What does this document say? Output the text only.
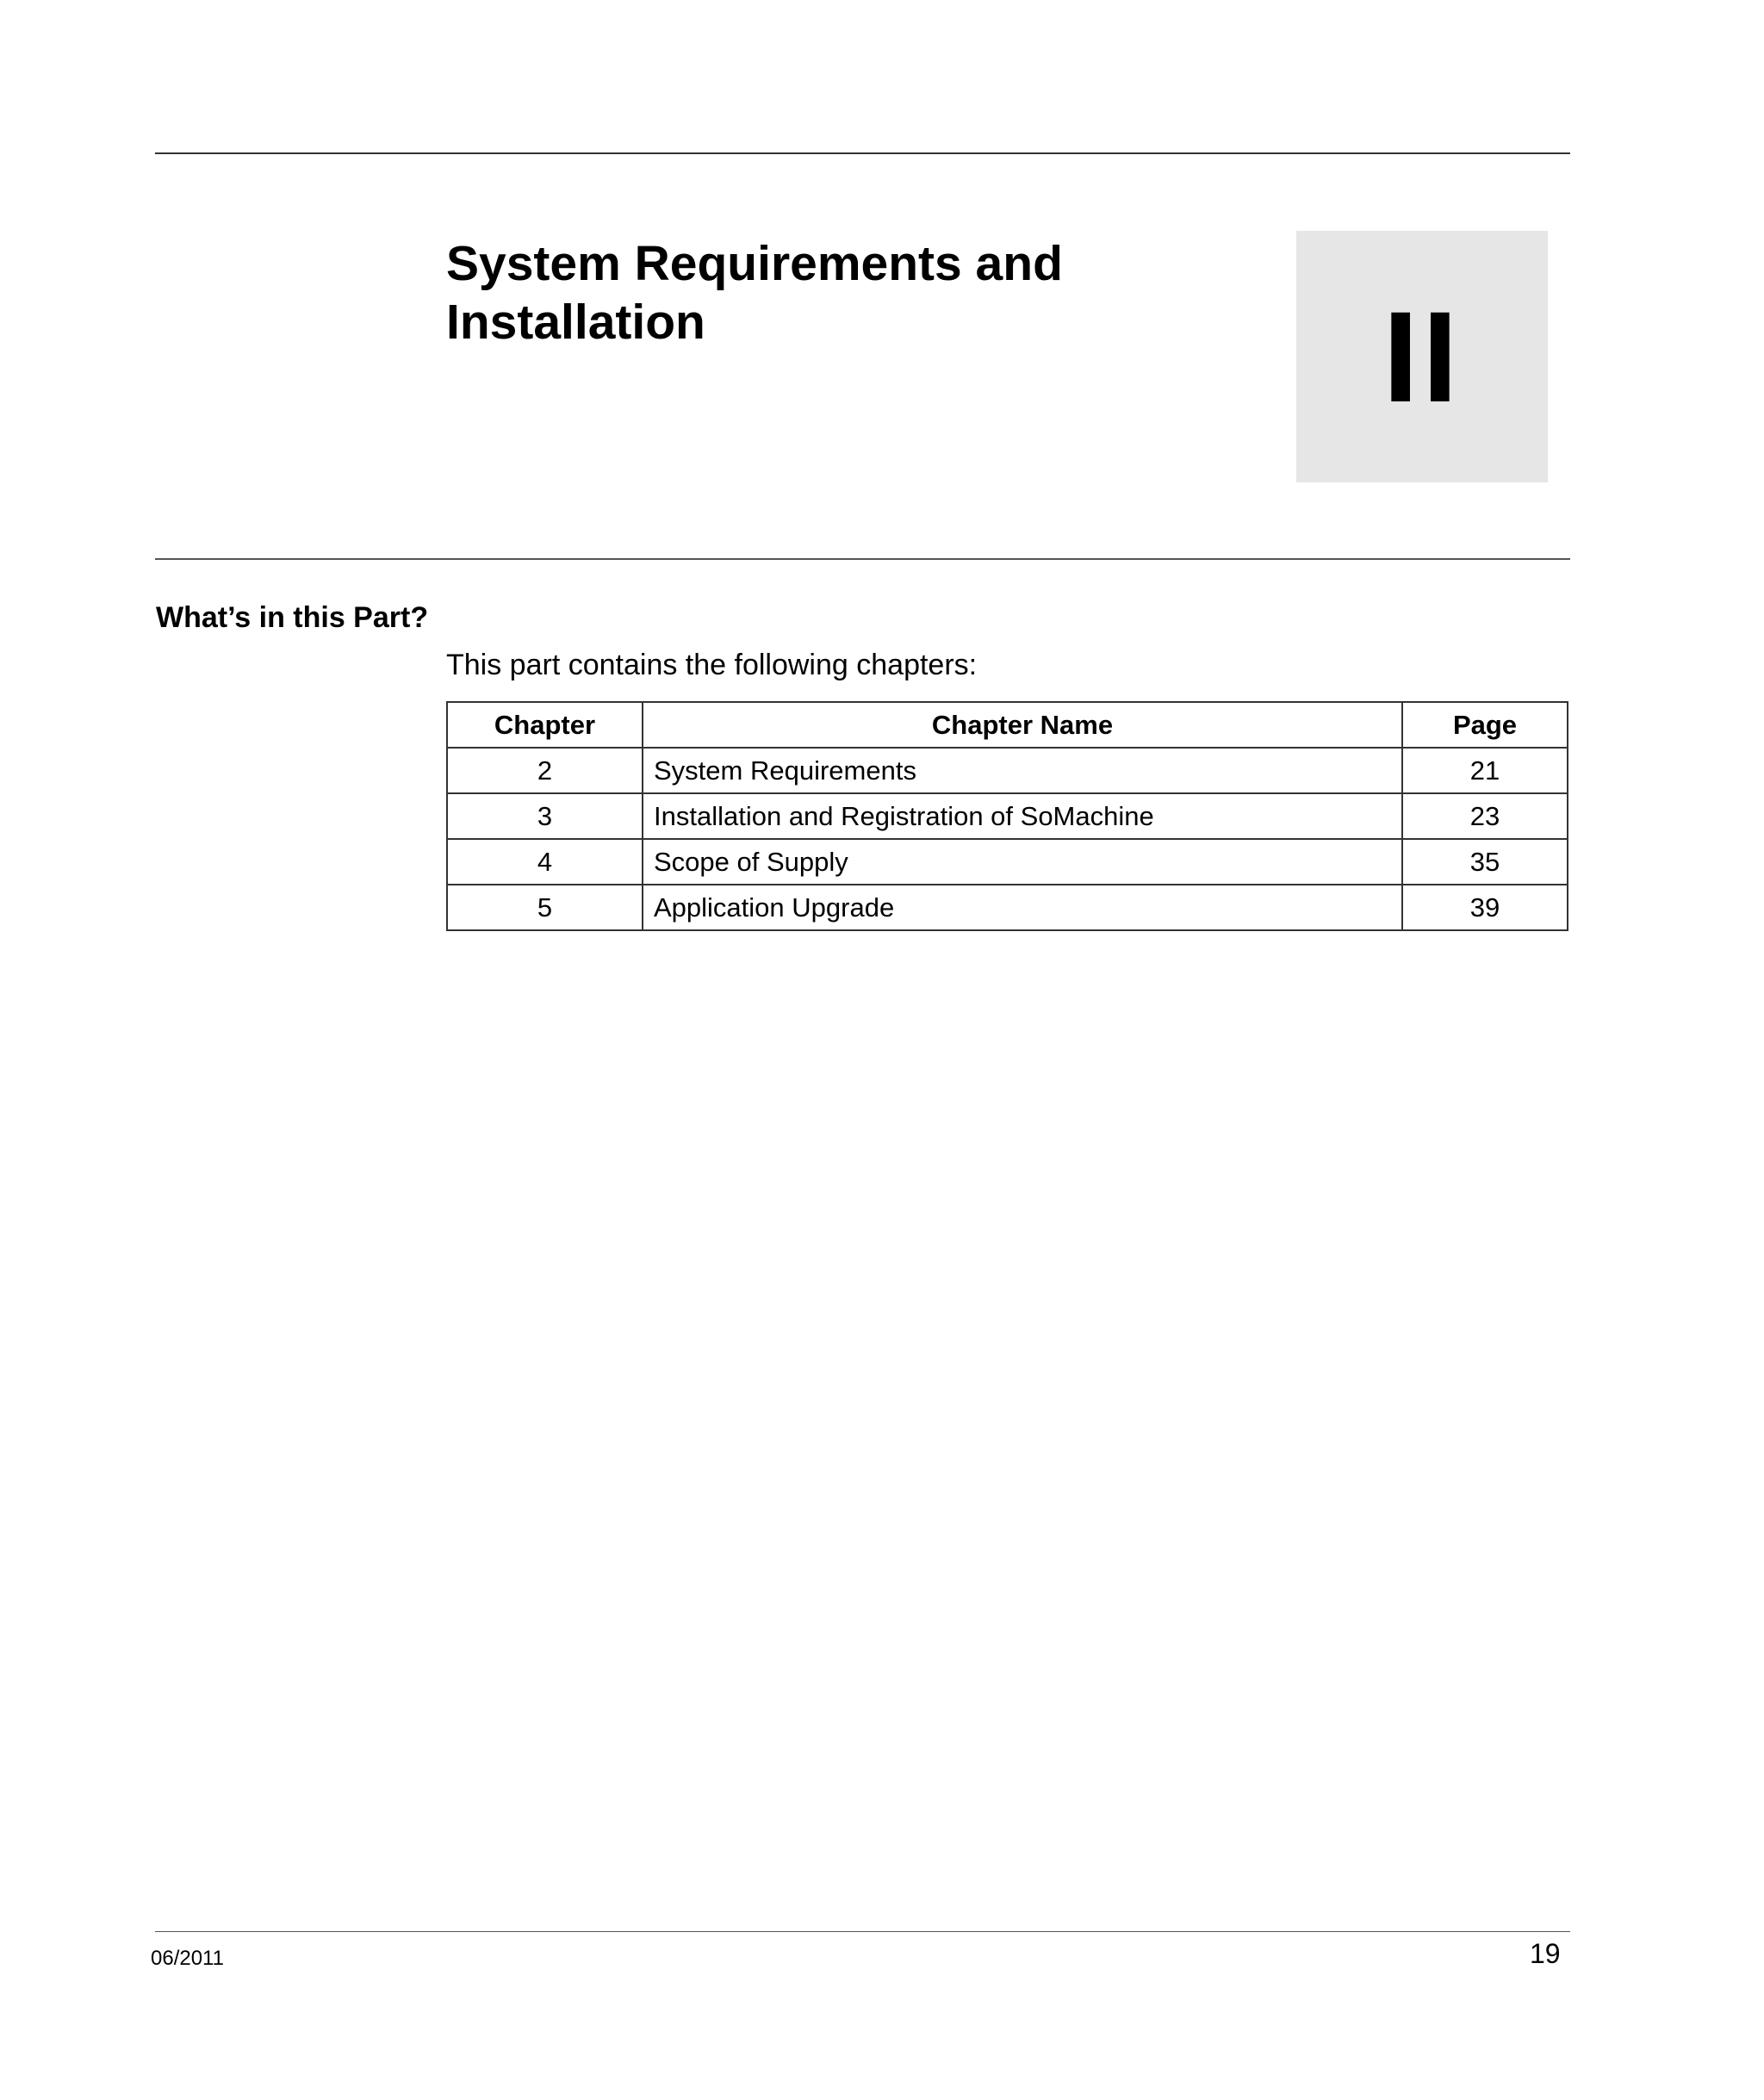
System Requirements and
Installation	II
What’s in this Part?

This part contains the following chapters:

Chapter	Chapter Name	Page
2	System Requirements	21
3	Installation and Registration of SoMachine	23
4	Scope of Supply	35
5	Application Upgrade	39
06/2011	19
